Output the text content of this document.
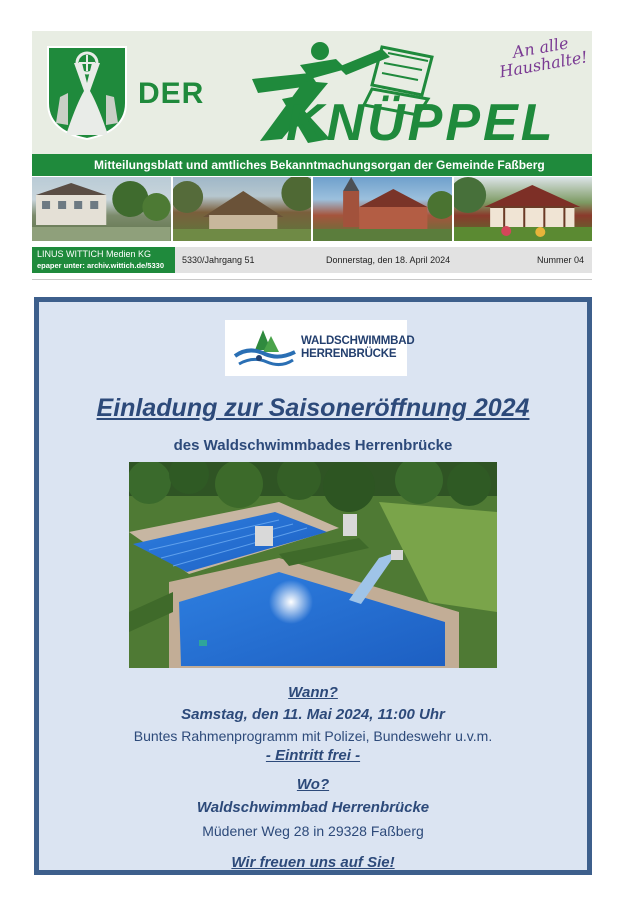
DER
KNÜPPEL
An alle Haushalte!
Mitteilungsblatt und amtliches Bekanntmachungsorgan der Gemeinde Faßberg
LINUS WITTICH Medien KG
epaper unter: archiv.wittich.de/5330
5330/Jahrgang 51	Donnerstag, den 18. April 2024	Nummer 04
WALDSCHWIMMBAD
HERRENBRÜCKE
Einladung zur Saisoneröffnung 2024
des Waldschwimmbades Herrenbrücke
Wann?
Samstag, den 11. Mai 2024, 11:00 Uhr
Buntes Rahmenprogramm mit Polizei, Bundeswehr u.v.m.
- Eintritt frei -
Wo?
Waldschwimmbad Herrenbrücke
Müdener Weg 28 in 29328 Faßberg
Wir freuen uns auf Sie!
